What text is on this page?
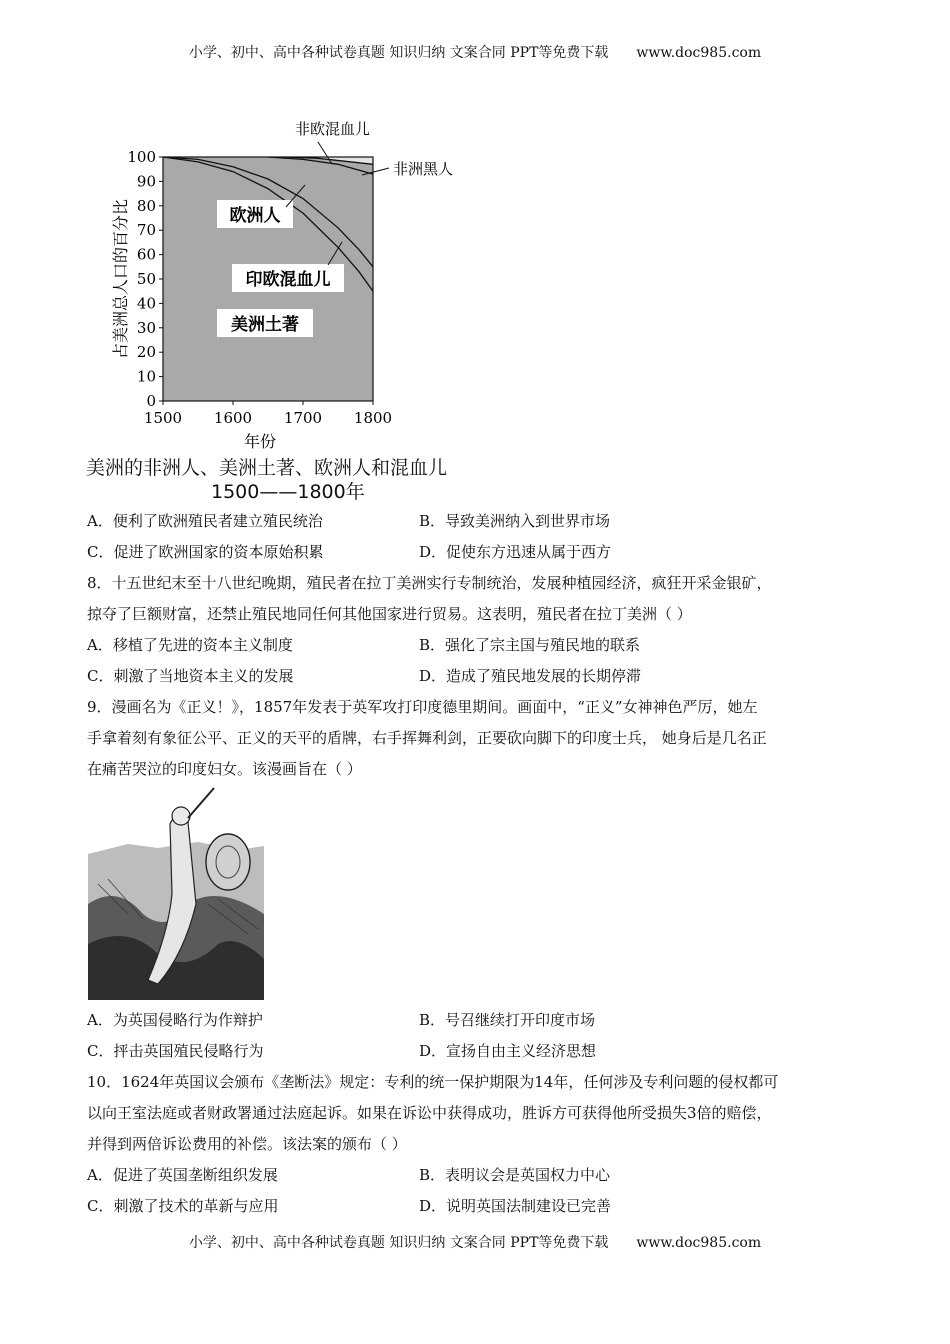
小学、初中、高中各种试卷真题 知识归纳 文案合同 PPT等免费下载 www.doc985.com
0
10
20
30
40
50
60
70
80
90
100
1500 1600 1700 1800
年份
占美洲总人口的百分比	欧洲人
印欧混血儿
美洲土著
非欧混血儿
非洲黑人
美洲的非洲人、美洲土著、欧洲人和混血儿
1500——1800年
A．便利了欧洲殖民者建立殖民统治	B．导致美洲纳入到世界市场
C．促进了欧洲国家的资本原始积累	D．促使东方迅速从属于西方
8．十五世纪末至十八世纪晚期，殖民者在拉丁美洲实行专制统治，发展种植园经济，疯狂开采金银矿，
掠夺了巨额财富，还禁止殖民地同任何其他国家进行贸易。这表明，殖民者在拉丁美洲（ ）
A．移植了先进的资本主义制度	B．强化了宗主国与殖民地的联系
C．刺激了当地资本主义的发展	D．造成了殖民地发展的长期停滞
9．漫画名为《正义！》，1857年发表于英军攻打印度德里期间。画面中，“正义”女神神色严厉，她左
手拿着刻有象征公平、正义的天平的盾牌，右手挥舞利剑，正要砍向脚下的印度士兵， 她身后是几名正
在痛苦哭泣的印度妇女。该漫画旨在（ ）
A．为英国侵略行为作辩护	B．号召继续打开印度市场
C．抨击英国殖民侵略行为	D．宣扬自由主义经济思想
10．1624年英国议会颁布《垄断法》规定：专利的统一保护期限为14年，任何涉及专利问题的侵权都可
以向王室法庭或者财政署通过法庭起诉。如果在诉讼中获得成功，胜诉方可获得他所受损失3倍的赔偿，
并得到两倍诉讼费用的补偿。该法案的颁布（ ）
A．促进了英国垄断组织发展	B．表明议会是英国权力中心
C．刺激了技术的革新与应用	D．说明英国法制建设已完善
小学、初中、高中各种试卷真题 知识归纳 文案合同 PPT等免费下载 www.doc985.com
